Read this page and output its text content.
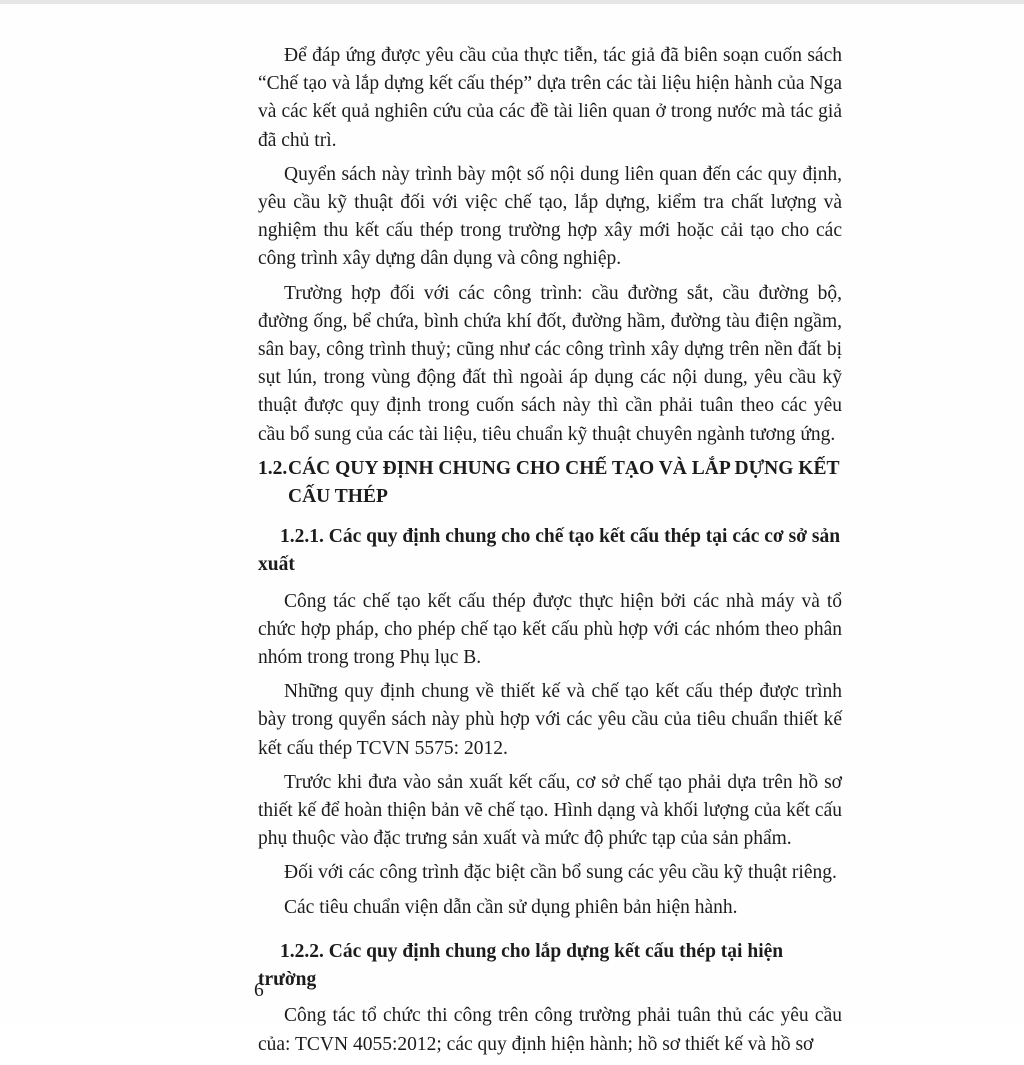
Để đáp ứng được yêu cầu của thực tiễn, tác giả đã biên soạn cuốn sách “Chế tạo và lắp dựng kết cấu thép” dựa trên các tài liệu hiện hành của Nga và các kết quả nghiên cứu của các đề tài liên quan ở trong nước mà tác giả đã chủ trì.

Quyển sách này trình bày một số nội dung liên quan đến các quy định, yêu cầu kỹ thuật đối với việc chế tạo, lắp dựng, kiểm tra chất lượng và nghiệm thu kết cấu thép trong trường hợp xây mới hoặc cải tạo cho các công trình xây dựng dân dụng và công nghiệp.

Trường hợp đối với các công trình: cầu đường sắt, cầu đường bộ, đường ống, bể chứa, bình chứa khí đốt, đường hầm, đường tàu điện ngầm, sân bay, công trình thuỷ; cũng như các công trình xây dựng trên nền đất bị sụt lún, trong vùng động đất thì ngoài áp dụng các nội dung, yêu cầu kỹ thuật được quy định trong cuốn sách này thì cần phải tuân theo các yêu cầu bổ sung của các tài liệu, tiêu chuẩn kỹ thuật chuyên ngành tương ứng.

1.2.CÁC QUY ĐỊNH CHUNG CHO CHẾ TẠO VÀ LẮP DỰNG KẾT
CẤU THÉP
1.2.1. Các quy định chung cho chế tạo kết cấu thép tại các cơ sở sản xuất

Công tác chế tạo kết cấu thép được thực hiện bởi các nhà máy và tổ chức hợp pháp, cho phép chế tạo kết cấu phù hợp với các nhóm theo phân nhóm trong trong Phụ lục B.

Những quy định chung về thiết kế và chế tạo kết cấu thép được trình bày trong quyển sách này phù hợp với các yêu cầu của tiêu chuẩn thiết kế kết cấu thép TCVN 5575: 2012.

Trước khi đưa vào sản xuất kết cấu, cơ sở chế tạo phải dựa trên hồ sơ thiết kế để hoàn thiện bản vẽ chế tạo. Hình dạng và khối lượng của kết cấu phụ thuộc vào đặc trưng sản xuất và mức độ phức tạp của sản phẩm.

Đối với các công trình đặc biệt cần bổ sung các yêu cầu kỹ thuật riêng.

Các tiêu chuẩn viện dẫn cần sử dụng phiên bản hiện hành.

1.2.2. Các quy định chung cho lắp dựng kết cấu thép tại hiện trường

Công tác tổ chức thi công trên công trường phải tuân thủ các yêu cầu của: TCVN 4055:2012; các quy định hiện hành; hồ sơ thiết kế và hồ sơ

6
